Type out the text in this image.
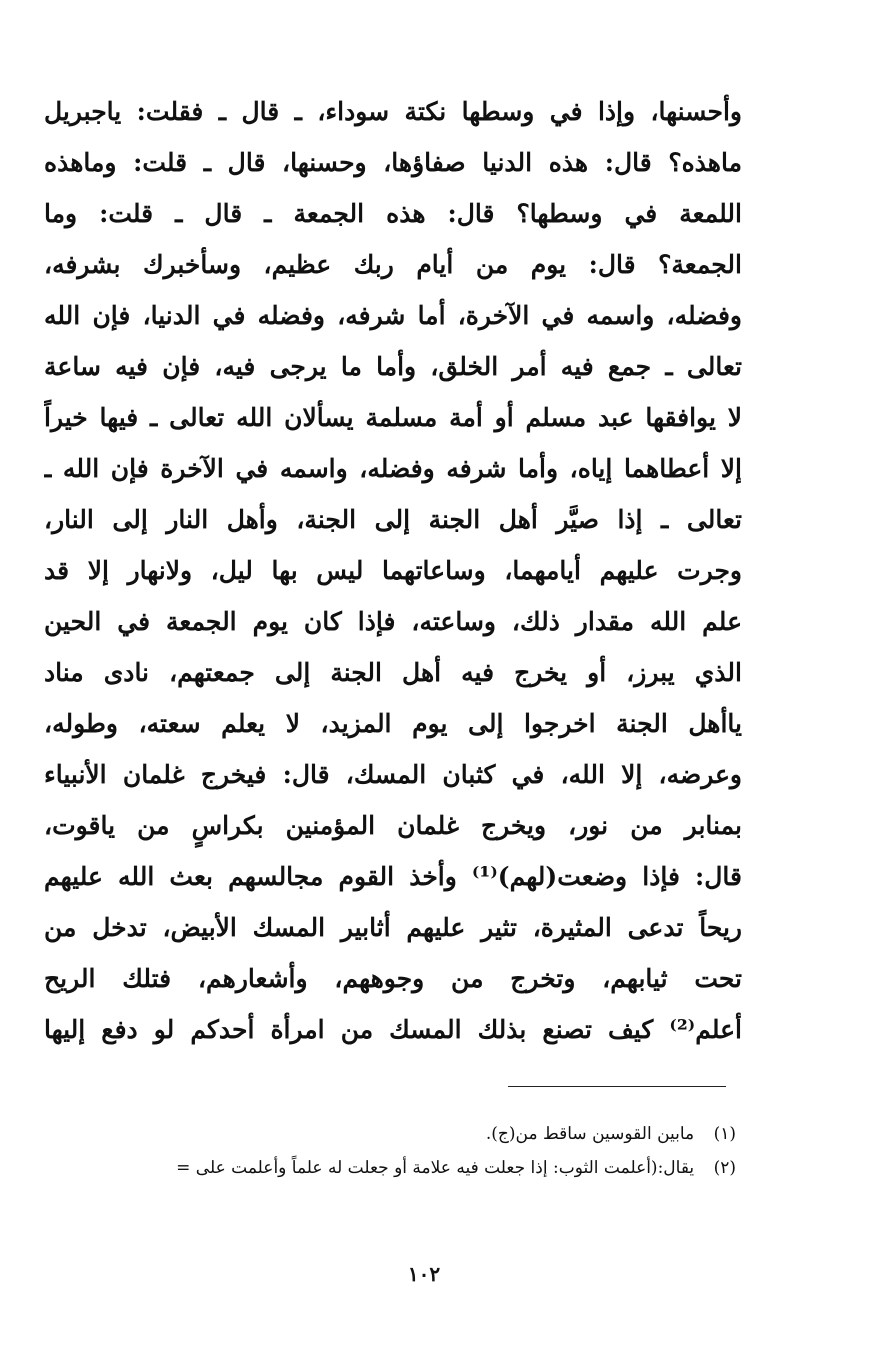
وأحسنها، وإذا في وسطها نكتة سوداء، ـ قال ـ فقلت: ياجبريل
ماهذه؟ قال: هذه الدنيا صفاؤها، وحسنها، قال ـ قلت: وماهذه
اللمعة في وسطها؟ قال: هذه الجمعة ـ قال ـ قلت: وما
الجمعة؟ قال: يوم من أيام ربك عظيم، وسأخبرك بشرفه،
وفضله، واسمه في الآخرة، أما شرفه، وفضله في الدنيا، فإن الله
تعالى ـ جمع فيه أمر الخلق، وأما ما يرجى فيه، فإن فيه ساعة
لا يوافقها عبد مسلم أو أمة مسلمة يسألان الله تعالى ـ فيها خيراً
إلا أعطاهما إياه، وأما شرفه وفضله، واسمه في الآخرة فإن الله ـ
تعالى ـ إذا صيَّر أهل الجنة إلى الجنة، وأهل النار إلى النار،
وجرت عليهم أيامهما، وساعاتهما ليس بها ليل، ولانهار إلا قد
علم الله مقدار ذلك، وساعته، فإذا كان يوم الجمعة في الحين
الذي يبرز، أو يخرج فيه أهل الجنة إلى جمعتهم، نادى مناد
ياأهل الجنة اخرجوا إلى يوم المزيد، لا يعلم سعته، وطوله،
وعرضه، إلا الله، في كثبان المسك، قال: فيخرج غلمان الأنبياء
بمنابر من نور، ويخرج غلمان المؤمنين بكراسٍ من ياقوت،
قال: فإذا وضعت(لهم)⁽¹⁾ وأخذ القوم مجالسهم بعث الله عليهم
ريحاً تدعى المثيرة، تثير عليهم أثابير المسك الأبيض، تدخل من
تحت ثيابهم، وتخرج من وجوههم، وأشعارهم، فتلك الريح
أعلم⁽²⁾ كيف تصنع بذلك المسك من امرأة أحدكم لو دفع إليها
(١) مابين القوسين ساقط من(ج).
(٢) يقال:(أعلمت الثوب: إذا جعلت فيه علامة أو جعلت له علماً وأعلمت على =
١٠٢
